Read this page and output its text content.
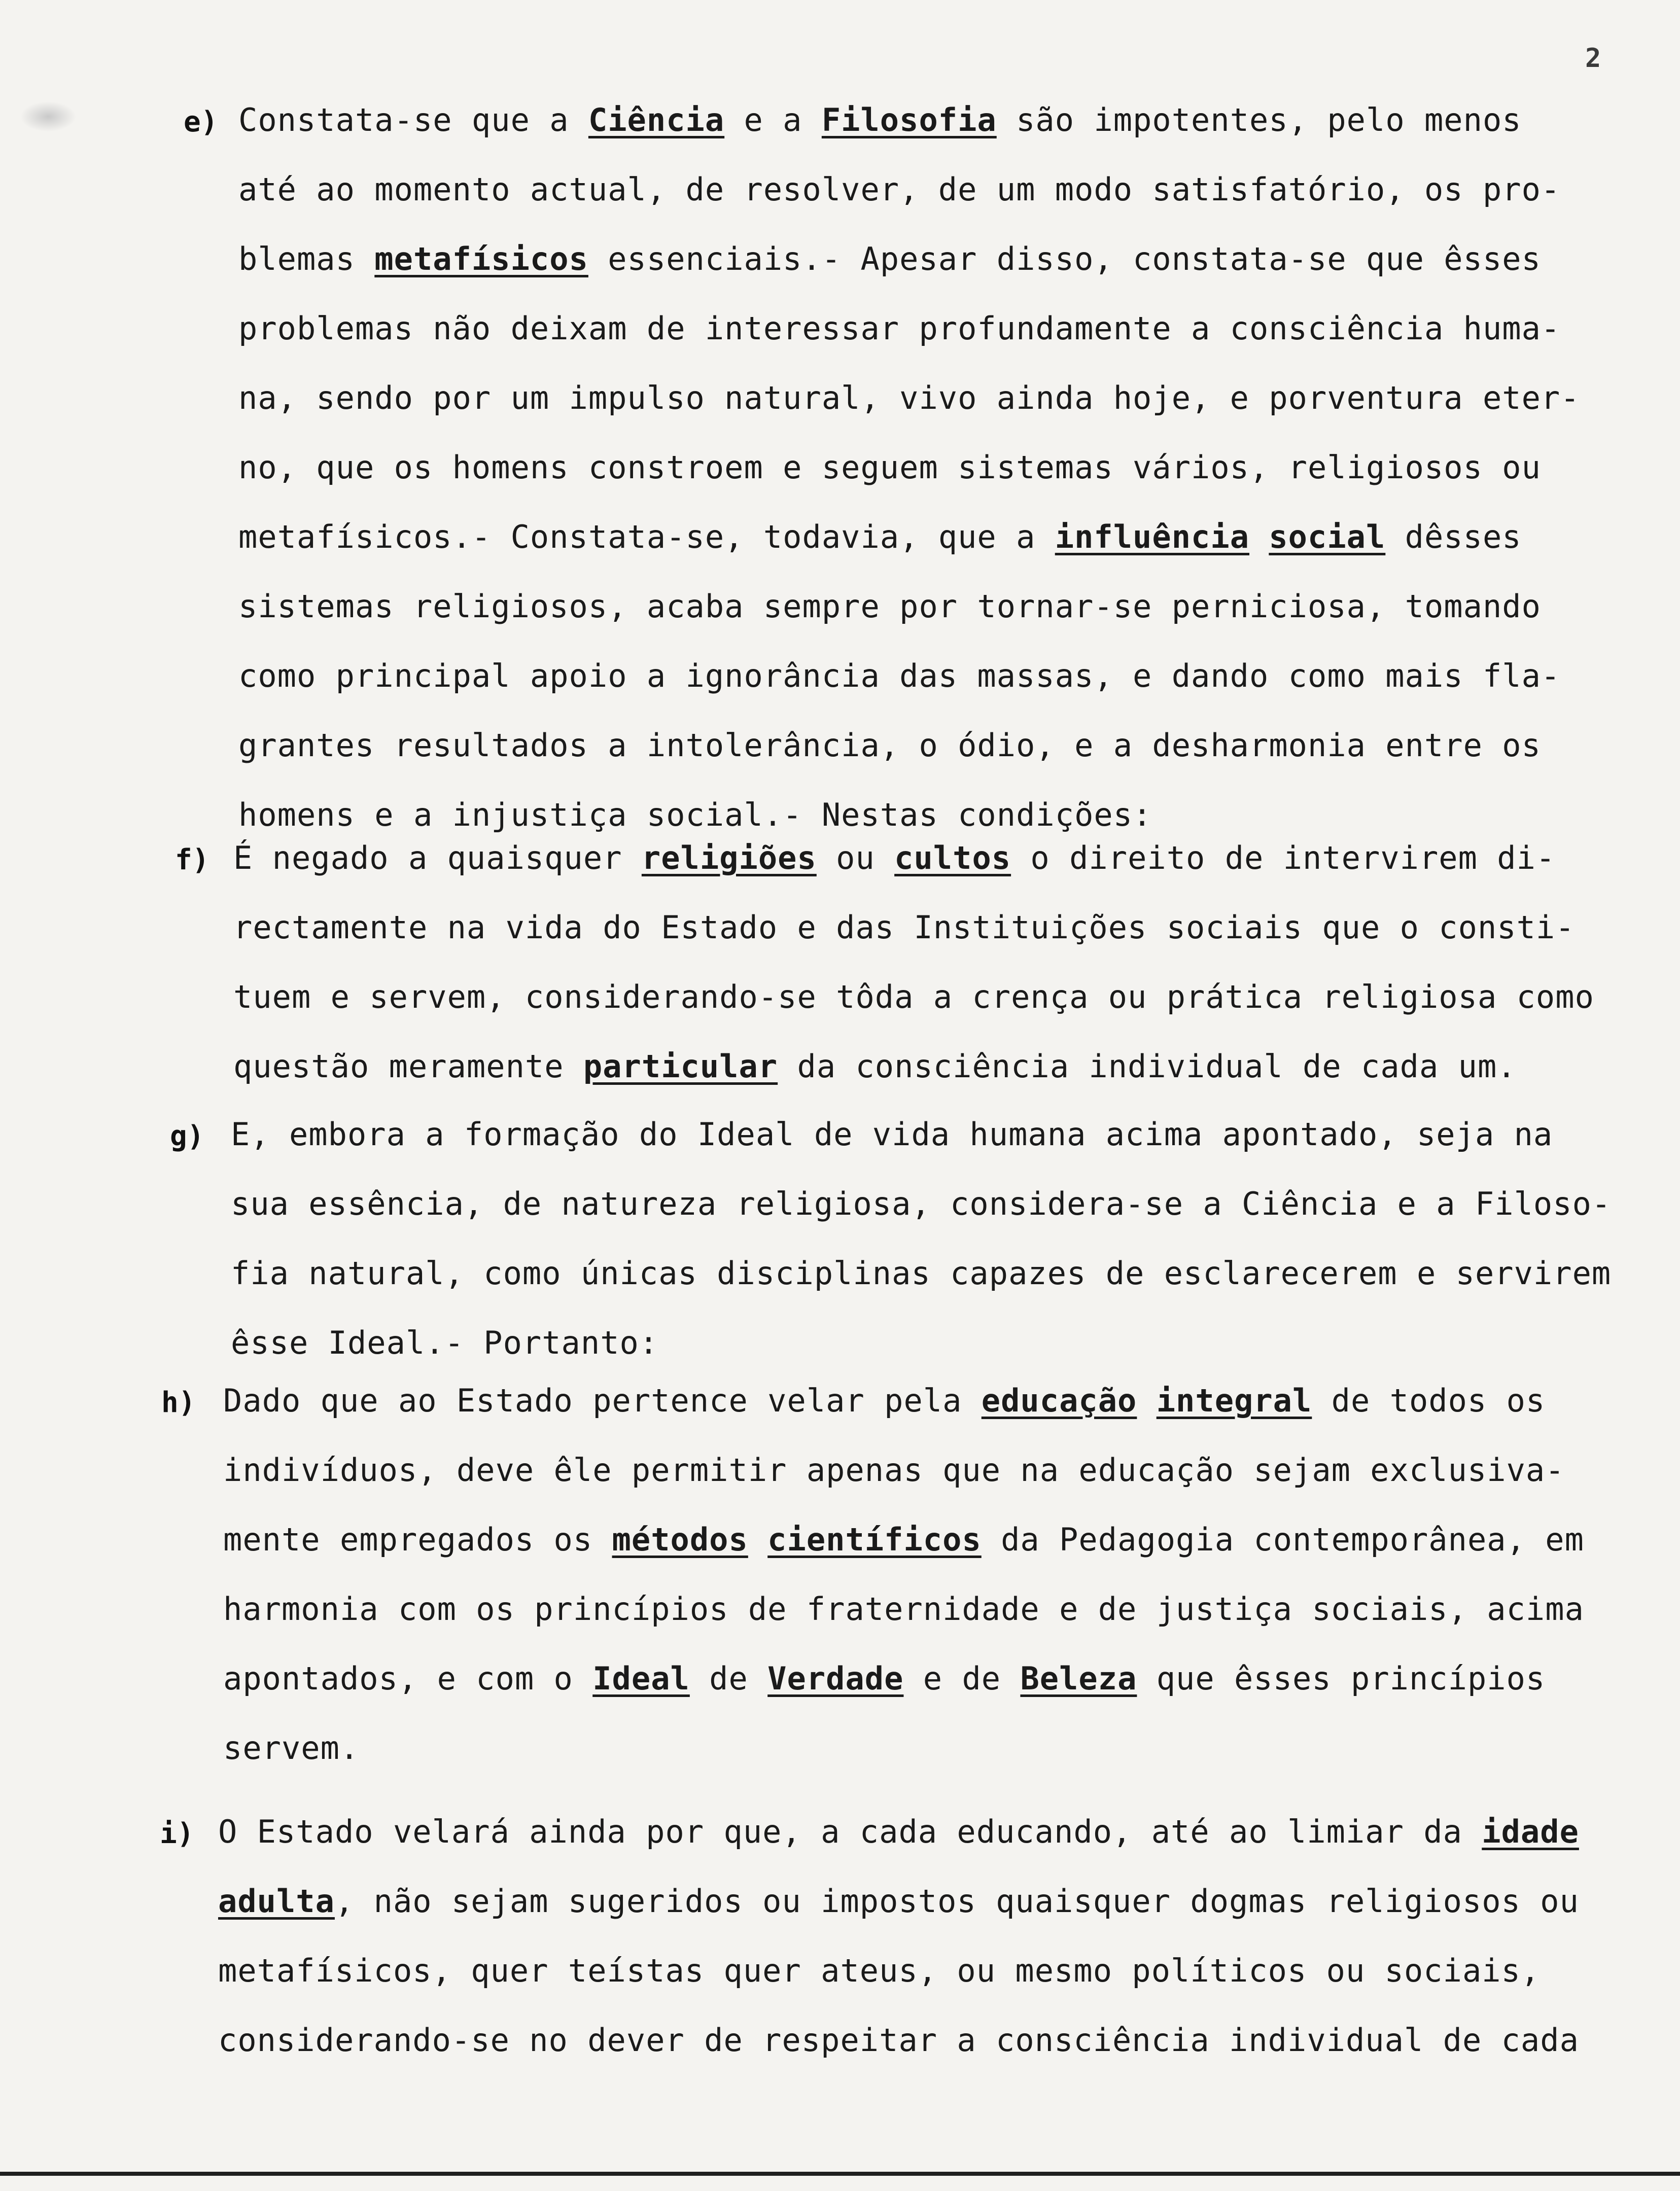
2
e) Constata-se que a Ciência e a Filosofia são impotentes, pelo menos
até ao momento actual, de resolver, de um modo satisfatório, os pro-
blemas metafísicos essenciais.- Apesar disso, constata-se que êsses
problemas não deixam de interessar profundamente a consciência huma-
na, sendo por um impulso natural, vivo ainda hoje, e porventura eter-
no, que os homens constroem e seguem sistemas vários, religiosos ou
metafísicos.- Constata-se, todavia, que a influência social dêsses
sistemas religiosos, acaba sempre por tornar-se perniciosa, tomando
como principal apoio a ignorância das massas, e dando como mais fla-
grantes resultados a intolerância, o ódio, e a desharmonia entre os
homens e a injustiça social.- Nestas condições:
f) É negado a quaisquer religiões ou cultos o direito de intervirem di-
rectamente na vida do Estado e das Instituições sociais que o consti-
tuem e servem, considerando-se tôda a crença ou prática religiosa como
questão meramente particular da consciência individual de cada um.
g) E, embora a formação do Ideal de vida humana acima apontado, seja na
sua essência, de natureza religiosa, considera-se a Ciência e a Filoso-
fia natural, como únicas disciplinas capazes de esclarecerem e servirem
êsse Ideal.- Portanto:
h) Dado que ao Estado pertence velar pela educação integral de todos os
indivíduos, deve êle permitir apenas que na educação sejam exclusiva-
mente empregados os métodos científicos da Pedagogia contemporânea, em
harmonia com os princípios de fraternidade e de justiça sociais, acima
apontados, e com o Ideal de Verdade e de Beleza que êsses princípios
servem.
i) O Estado velará ainda por que, a cada educando, até ao limiar da idade
adulta, não sejam sugeridos ou impostos quaisquer dogmas religiosos ou
metafísicos, quer teístas quer ateus, ou mesmo políticos ou sociais,
considerando-se no dever de respeitar a consciência individual de cada
